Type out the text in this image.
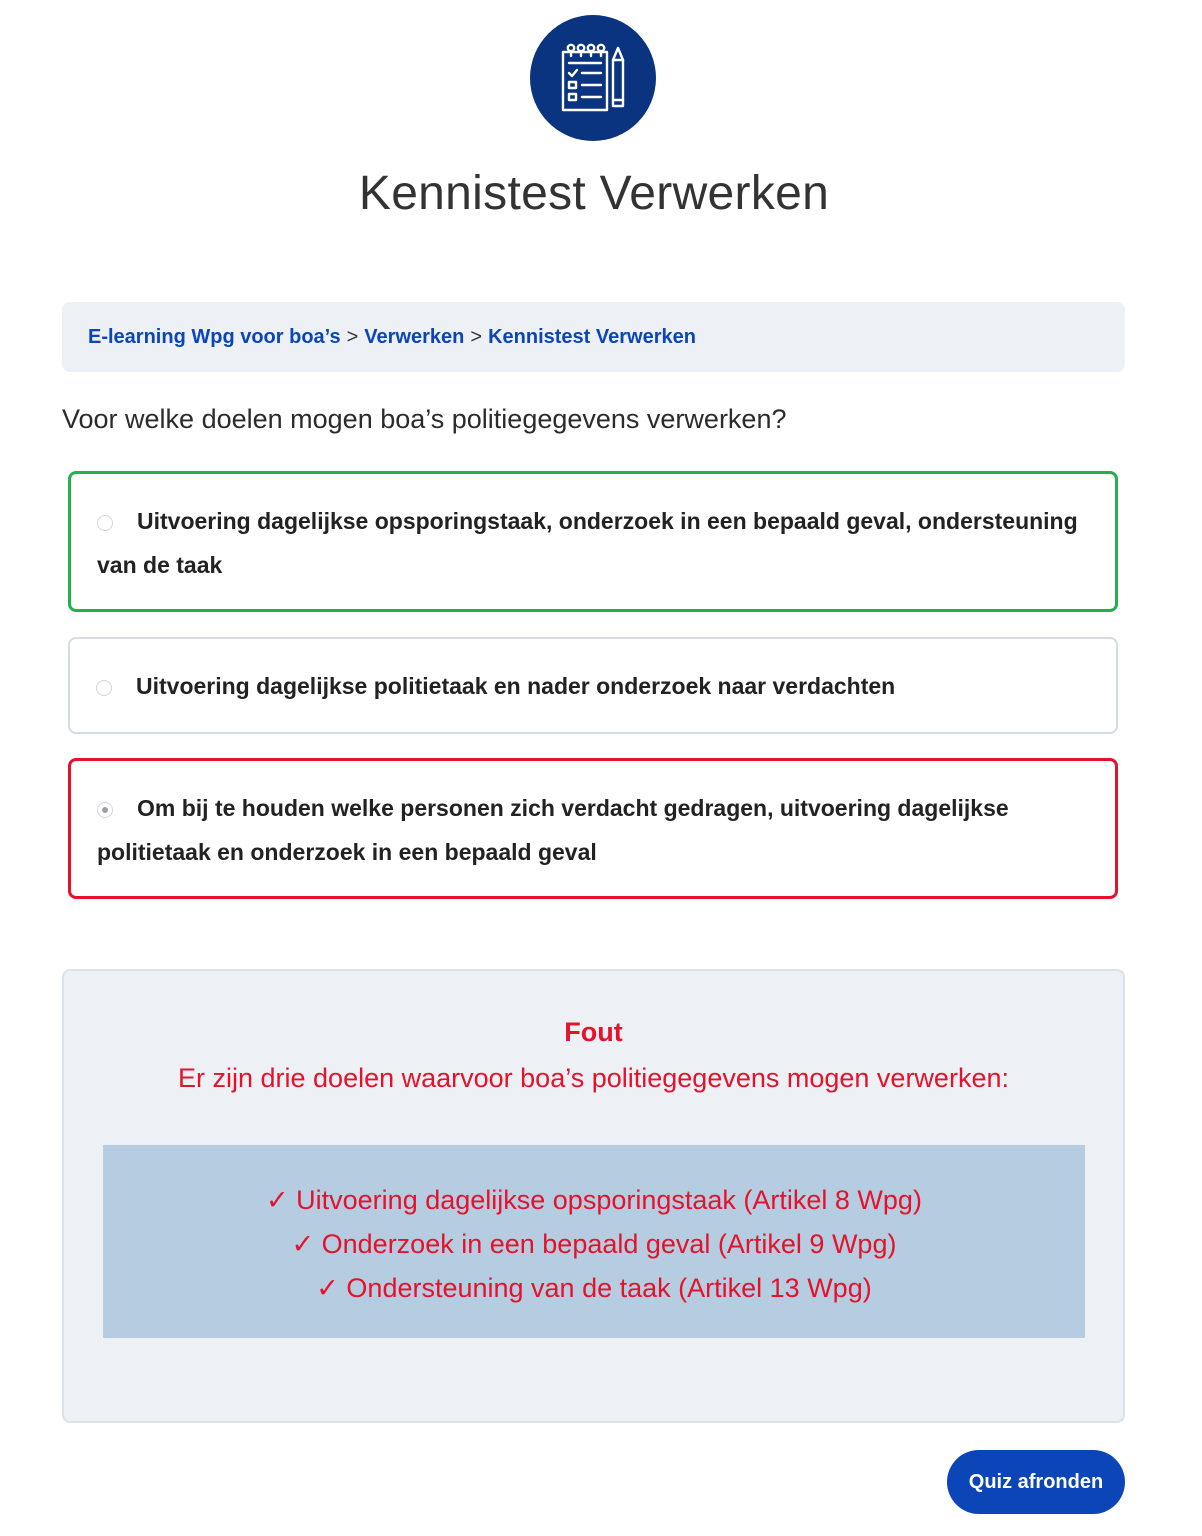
Kennistest Verwerken
E-learning Wpg voor boa’s > Verwerken > Kennistest Verwerken

Voor welke doelen mogen boa’s politiegegevens verwerken?

Uitvoering dagelijkse opsporingstaak, onderzoek in een bepaald geval, ondersteuning van de taak
Uitvoering dagelijkse politietaak en nader onderzoek naar verdachten
Om bij te houden welke personen zich verdacht gedragen, uitvoering dagelijkse politietaak en onderzoek in een bepaald geval
Fout
Er zijn drie doelen waarvoor boa’s politiegegevens mogen verwerken:
✓ Uitvoering dagelijkse opsporingstaak (Artikel 8 Wpg)
✓ Onderzoek in een bepaald geval (Artikel 9 Wpg)
✓ Ondersteuning van de taak (Artikel 13 Wpg)
Quiz afronden
